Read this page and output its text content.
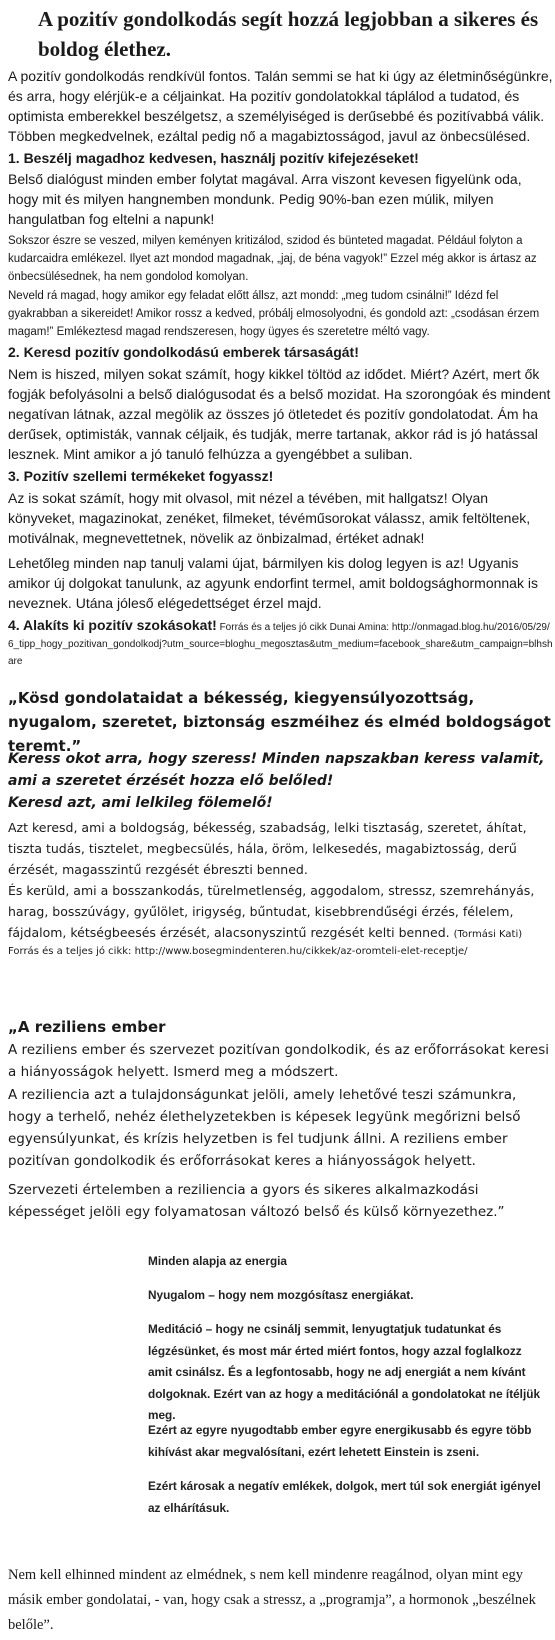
A pozitív gondolkodás segít hozzá legjobban a sikeres és boldog élethez.
A pozitív gondolkodás rendkívül fontos. Talán semmi se hat ki úgy az életminőségünkre, és arra, hogy elérjük-e a céljainkat. Ha pozitív gondolatokkal táplálod a tudatod, és optimista emberekkel beszélgetsz, a személyiséged is derűsebbé és pozitívabbá válik. Többen megkedvelnek, ezáltal pedig nő a magabiztosságod, javul az önbecsülésed.
1. Beszélj magadhoz kedvesen, használj pozitív kifejezéseket!
Belső dialógust minden ember folytat magával. Arra viszont kevesen figyelünk oda, hogy mit és milyen hangnemben mondunk. Pedig 90%-ban ezen múlik, milyen hangulatban fog eltelni a napunk!
Sokszor észre se veszed, milyen keményen kritizálod, szidod és bünteted magadat. Például folyton a kudarcaidra emlékezel. Ilyet azt mondod magadnak, „jaj, de béna vagyok!” Ezzel még akkor is ártasz az önbecsülésednek, ha nem gondolod komolyan.
Neveld rá magad, hogy amikor egy feladat előtt állsz, azt mondd: „meg tudom csinálni!” Idézd fel gyakrabban a sikereidet! Amikor rossz a kedved, próbálj elmosolyodni, és gondold azt: „csodásan érzem magam!” Emlékeztesd magad rendszeresen, hogy ügyes és szeretetre méltó vagy.
2. Keresd pozitív gondolkodású emberek társaságát!
Nem is hiszed, milyen sokat számít, hogy kikkel töltöd az idődet. Miért? Azért, mert ők fogják befolyásolni a belső dialógusodat és a belső mozidat. Ha szorongóak és mindent negatívan látnak, azzal megölik az összes jó ötletedet és pozitív gondolatodat. Ám ha derűsek, optimisták, vannak céljaik, és tudják, merre tartanak, akkor rád is jó hatással lesznek. Mint amikor a jó tanuló felhúzza a gyengébbet a suliban.
3. Pozitív szellemi termékeket fogyassz!
Az is sokat számít, hogy mit olvasol, mit nézel a tévében, mit hallgatsz! Olyan könyveket, magazinokat, zenéket, filmeket, tévéműsorokat válassz, amik feltöltenek, motiválnak, megnevettetnek, növelik az önbizalmad, értéket adnak!
Lehetőleg minden nap tanulj valami újat, bármilyen kis dolog legyen is az! Ugyanis amikor új dolgokat tanulunk, az agyunk endorfint termel, amit boldogsághormonnak is neveznek. Utána jóleső elégedettséget érzel majd.
4. Alakíts ki pozitív szokásokat! Forrás és a teljes jó cikk Dunai Amina: http://onmagad.blog.hu/2016/05/29/6_tipp_hogy_pozitivan_gondolkodj?utm_source=bloghu_megosztas&utm_medium=facebook_share&utm_campaign=blhshare
„Kösd gondolataidat a békesség, kiegyensúlyozottság, nyugalom, szeretet, biztonság eszméihez és elméd boldogságot teremt.”
Keress okot arra, hogy szeress! Minden napszakban keress valamit, ami a szeretet érzését hozza elő belőled!
Keresd azt, ami lelkileg fölemelő!
Azt keresd, ami a boldogság, békesség, szabadság, lelki tisztaság, szeretet, áhítat, tiszta tudás, tisztelet, megbecsülés, hála, öröm, lelkesedés, magabiztosság, derű érzését, magasszintű rezgését ébreszti benned.
És kerüld, ami a bosszankodás, türelmetlenség, aggodalom, stressz, szemrehányás, harag, bosszúvágy, gyűlölet, irigység, bűntudat, kisebbrendűségi érzés, félelem, fájdalom, kétségbeesés érzését, alacsonyszintű rezgését kelti benned. (Tormási Kati)
Forrás és a teljes jó cikk: http://www.bosegmindenteren.hu/cikkek/az-oromteli-elet-receptje/
„A reziliens ember
A reziliens ember és szervezet pozitívan gondolkodik, és az erőforrásokat keresi a hiányosságok helyett. Ismerd meg a módszert.
A reziliencia azt a tulajdonságunkat jelöli, amely lehetővé teszi számunkra, hogy a terhelő, nehéz élethelyzetekben is képesek legyünk megőrizni belső egyensúlyunkat, és krízis helyzetben is fel tudjunk állni. A reziliens ember pozitívan gondolkodik és erőforrásokat keres a hiányosságok helyett.
Szervezeti értelemben a reziliencia a gyors és sikeres alkalmazkodási képességet jelöli egy folyamatosan változó belső és külső környezethez.”
Minden alapja az energia
Nyugalom – hogy nem mozgósítasz energiákat.
Meditáció – hogy ne csinálj semmit, lenyugtatjuk tudatunkat és légzésünket, és most már érted miért fontos, hogy azzal foglalkozz amit csinálsz. És a legfontosabb, hogy ne adj energiát a nem kívánt dolgoknak. Ezért van az hogy a meditációnál a gondolatokat ne ítéljük meg.
Ezért az egyre nyugodtabb ember egyre energikusabb és egyre több kihívást akar megvalósítani, ezért lehetett Einstein is zseni.
Ezért károsak a negatív emlékek, dolgok, mert túl sok energiát igényel az elhárításuk.
Nem kell elhinned mindent az elmédnek, s nem kell mindenre reagálnod, olyan mint egy másik ember gondolatai, - van, hogy csak a stressz, a „programja”, a hormonok „beszélnek belőle”.
